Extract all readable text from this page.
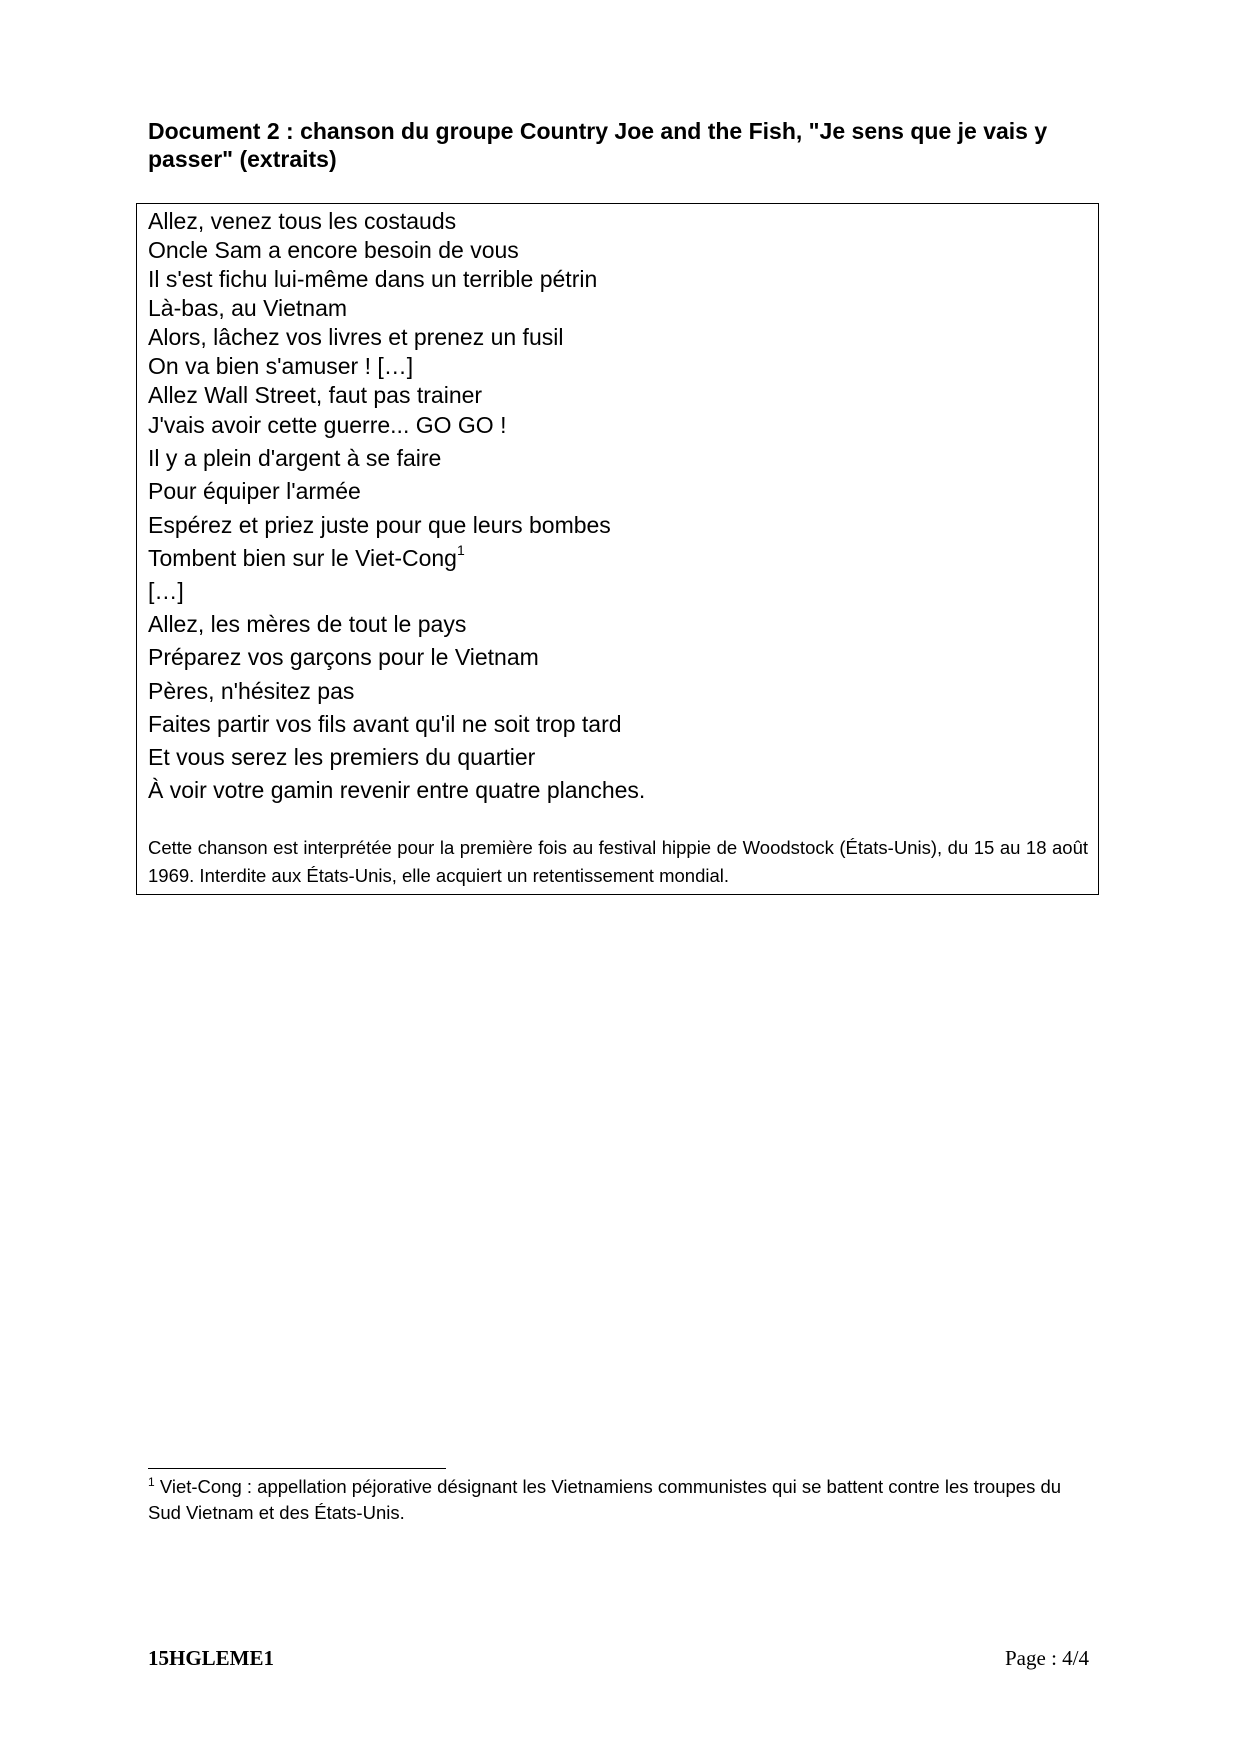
Document 2 : chanson du groupe Country Joe and the Fish, "Je sens que je vais y passer" (extraits)
Allez, venez tous les costauds
Oncle Sam a encore besoin de vous
Il s'est fichu lui-même dans un terrible pétrin
Là-bas, au Vietnam
Alors, lâchez vos livres et prenez un fusil
On va bien s'amuser ! […]
Allez Wall Street, faut pas trainer
J'vais avoir cette guerre... GO GO !
Il y a plein d'argent à se faire
Pour équiper l'armée
Espérez et priez juste pour que leurs bombes
Tombent bien sur le Viet-Cong$^1$
[…]
Allez, les mères de tout le pays
Préparez vos garçons pour le Vietnam
Pères, n'hésitez pas
Faites partir vos fils avant qu'il ne soit trop tard
Et vous serez les premiers du quartier
À voir votre gamin revenir entre quatre planches.

Cette chanson est interprétée pour la première fois au festival hippie de Woodstock (États-Unis), du 15 au 18 août 1969. Interdite aux États-Unis, elle acquiert un retentissement mondial.

$^1$ Viet-Cong : appellation péjorative désignant les Vietnamiens communistes qui se battent contre les troupes du Sud Vietnam et des États-Unis.
15HGLEME1	Page : 4/4
